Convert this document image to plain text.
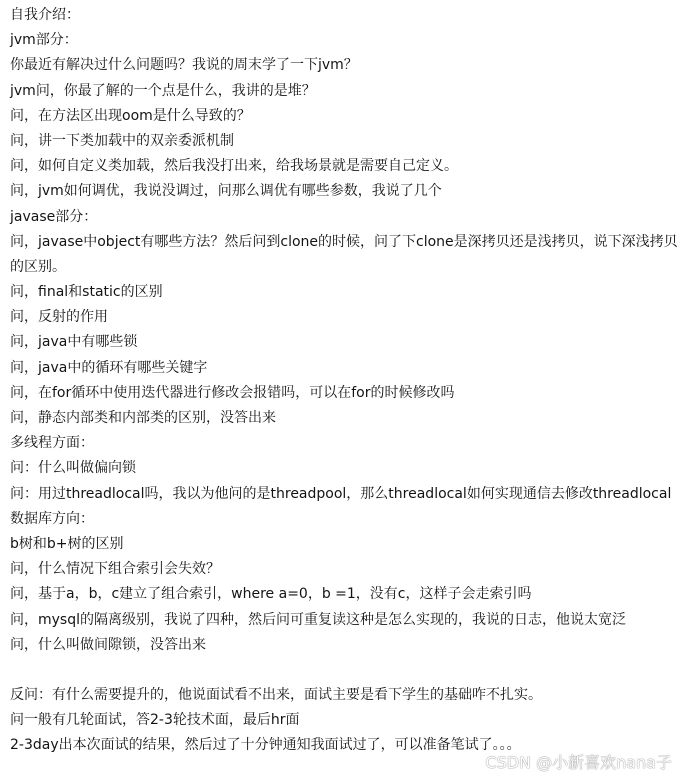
自我介绍：
jvm部分：
你最近有解决过什么问题吗？我说的周末学了一下jvm？
jvm问，你最了解的一个点是什么，我讲的是堆？
问，在方法区出现oom是什么导致的？
问，讲一下类加载中的双亲委派机制
问，如何自定义类加载，然后我没打出来，给我场景就是需要自己定义。
问，jvm如何调优，我说没调过，问那么调优有哪些参数，我说了几个
javase部分：
问，javase中object有哪些方法？然后问到clone的时候，问了下clone是深拷贝还是浅拷贝，说下深浅拷贝的区别。
问，final和static的区别
问，反射的作用
问，java中有哪些锁
问，java中的循环有哪些关键字
问，在for循环中使用迭代器进行修改会报错吗，可以在for的时候修改吗
问，静态内部类和内部类的区别，没答出来
多线程方面：
问：什么叫做偏向锁
问：用过threadlocal吗，我以为他问的是threadpool，那么threadlocal如何实现通信去修改threadlocal
数据库方向：
b树和b+树的区别
问，什么情况下组合索引会失效？
问，基于a，b，c建立了组合索引，where a=0，b =1，没有c，这样子会走索引吗
问，mysql的隔离级别，我说了四种，然后问可重复读这种是怎么实现的，我说的日志，他说太宽泛
问，什么叫做间隙锁，没答出来
反问：有什么需要提升的，他说面试看不出来，面试主要是看下学生的基础咋不扎实。
问一般有几轮面试，答2-3轮技术面，最后hr面
2-3day出本次面试的结果，然后过了十分钟通知我面试过了，可以准备笔试了。。。
CSDN @小新喜欢nana子
